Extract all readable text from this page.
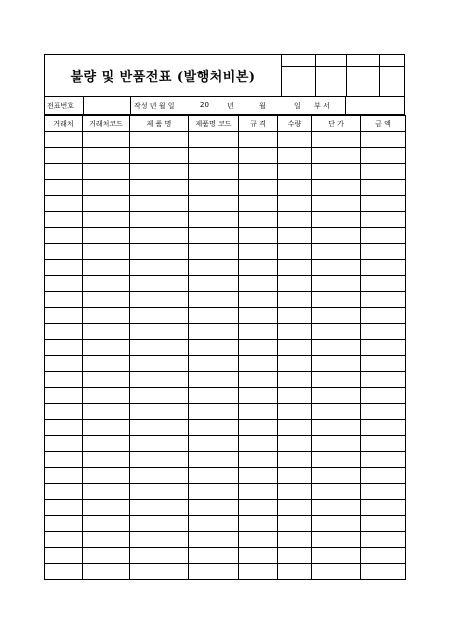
불량 및 반품전표 (발행처비본)
전표번호	작성 년 월 일	20	년	월	일 부 서
거래처	거래처코드	제 품 명	제품명 코드	규 격	수량	단 가	금 액
